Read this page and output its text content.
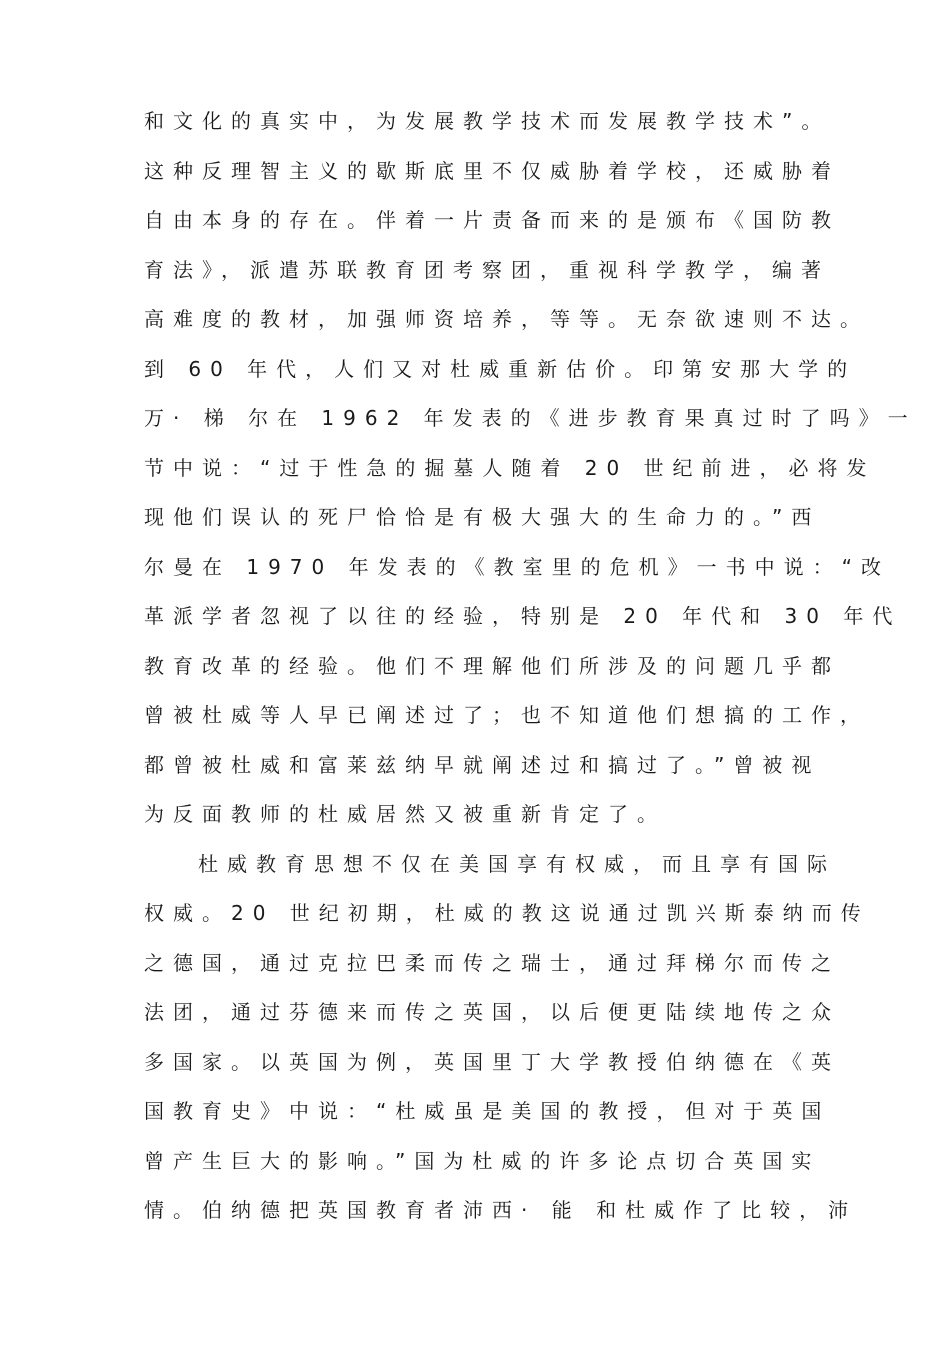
和文化的真实中，为发展教学技术而发展教学技术”。
这种反理智主义的歇斯底里不仅威胁着学校，还威胁着
自由本身的存在。伴着一片责备而来的是颁布《国防教
育法》，派遣苏联教育团考察团，重视科学教学，编著
高难度的教材，加强师资培养，等等。无奈欲速则不达。
到 60 年代，人们又对杜威重新估价。印第安那大学的
万· 梯 尔在 1962 年发表的《进步教育果真过时了吗》一
节中说：“过于性急的掘墓人随着 20 世纪前进，必将发
现他们误认的死尸恰恰是有极大强大的生命力的。”西
尔曼在 1970 年发表的《教室里的危机》一书中说：“改
革派学者忽视了以往的经验，特别是 20 年代和 30 年代
教育改革的经验。他们不理解他们所涉及的问题几乎都
曾被杜威等人早已阐述过了；也不知道他们想搞的工作，
都曾被杜威和富莱兹纳早就阐述过和搞过了。”曾被视
为反面教师的杜威居然又被重新肯定了。
杜威教育思想不仅在美国享有权威，而且享有国际
权威。20 世纪初期，杜威的教这说通过凯兴斯泰纳而传
之德国，通过克拉巴柔而传之瑞士，通过拜梯尔而传之
法团，通过芬德来而传之英国，以后便更陆续地传之众
多国家。以英国为例，英国里丁大学教授伯纳德在《英
国教育史》中说：“杜威虽是美国的教授，但对于英国
曾产生巨大的影响。”国为杜威的许多论点切合英国实
情。伯纳德把英国教育者沛西· 能 和杜威作了比较，沛
